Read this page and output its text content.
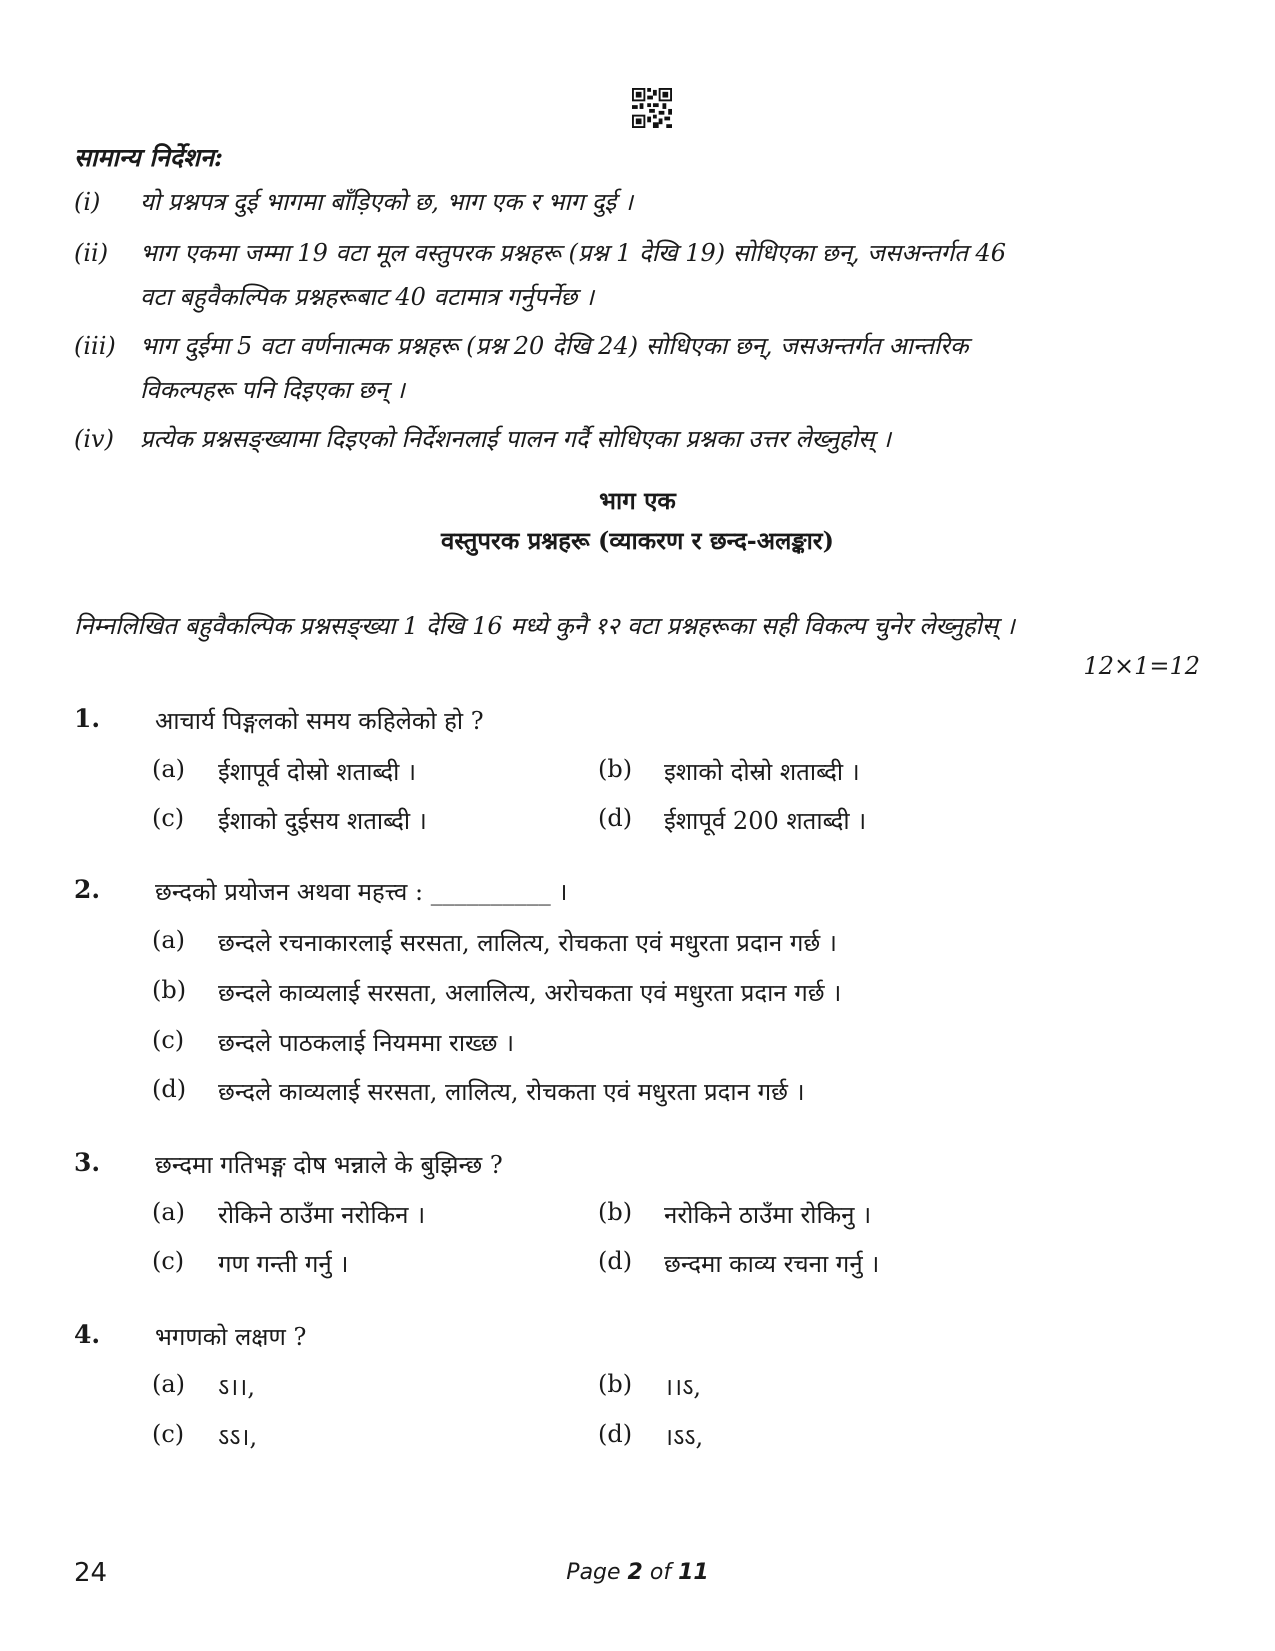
सामान्य निर्देशन:
(i) यो प्रश्नपत्र दुई भागमा बाँड़िएको छ, भाग एक र भाग दुई ।
(ii) भाग एकमा जम्मा 19 वटा मूल वस्तुपरक प्रश्नहरू (प्रश्न 1 देखि 19) सोधिएका छन्, जसअन्तर्गत 46
वटा बहुवैकल्पिक प्रश्नहरूबाट 40 वटामात्र गर्नुपर्नेछ ।
(iii) भाग दुईमा 5 वटा वर्णनात्मक प्रश्नहरू (प्रश्न 20 देखि 24) सोधिएका छन्, जसअन्तर्गत आन्तरिक
विकल्पहरू पनि दिइएका छन् ।
(iv) प्रत्येक प्रश्नसङ्ख्यामा दिइएको निर्देशनलाई पालन गर्दै सोधिएका प्रश्नका उत्तर लेख्नुहोस् ।
भाग एक
वस्तुपरक प्रश्नहरू (व्याकरण र छन्द-अलङ्कार)
निम्नलिखित बहुवैकल्पिक प्रश्नसङ्ख्या 1 देखि 16 मध्ये कुनै १२ वटा प्रश्नहरूका सही विकल्प चुनेर लेख्नुहोस् ।
12×1=12
1. आचार्य पिङ्गलको समय कहिलेको हो ?
(a) ईशापूर्व दोस्रो शताब्दी ।	(b) इशाको दोस्रो शताब्दी ।
(c) ईशाको दुईसय शताब्दी ।	(d) ईशापूर्व 200 शताब्दी ।
2. छन्दको प्रयोजन अथवा महत्त्व : __________ ।
(a) छन्दले रचनाकारलाई सरसता, लालित्य, रोचकता एवं मधुरता प्रदान गर्छ ।
(b) छन्दले काव्यलाई सरसता, अलालित्य, अरोचकता एवं मधुरता प्रदान गर्छ ।
(c) छन्दले पाठकलाई नियममा राख्छ ।
(d) छन्दले काव्यलाई सरसता, लालित्य, रोचकता एवं मधुरता प्रदान गर्छ ।
3. छन्दमा गतिभङ्ग दोष भन्नाले के बुझिन्छ ?
(a) रोकिने ठाउँमा नरोकिन ।	(b) नरोकिने ठाउँमा रोकिनु ।
(c) गण गन्ती गर्नु ।	(d) छन्दमा काव्य रचना गर्नु ।
4. भगणको लक्षण ?
(a) ऽ।।,	(b) ।।ऽ,
(c) ऽऽ।,	(d) ।ऽऽ,
24	Page 2 of 11
